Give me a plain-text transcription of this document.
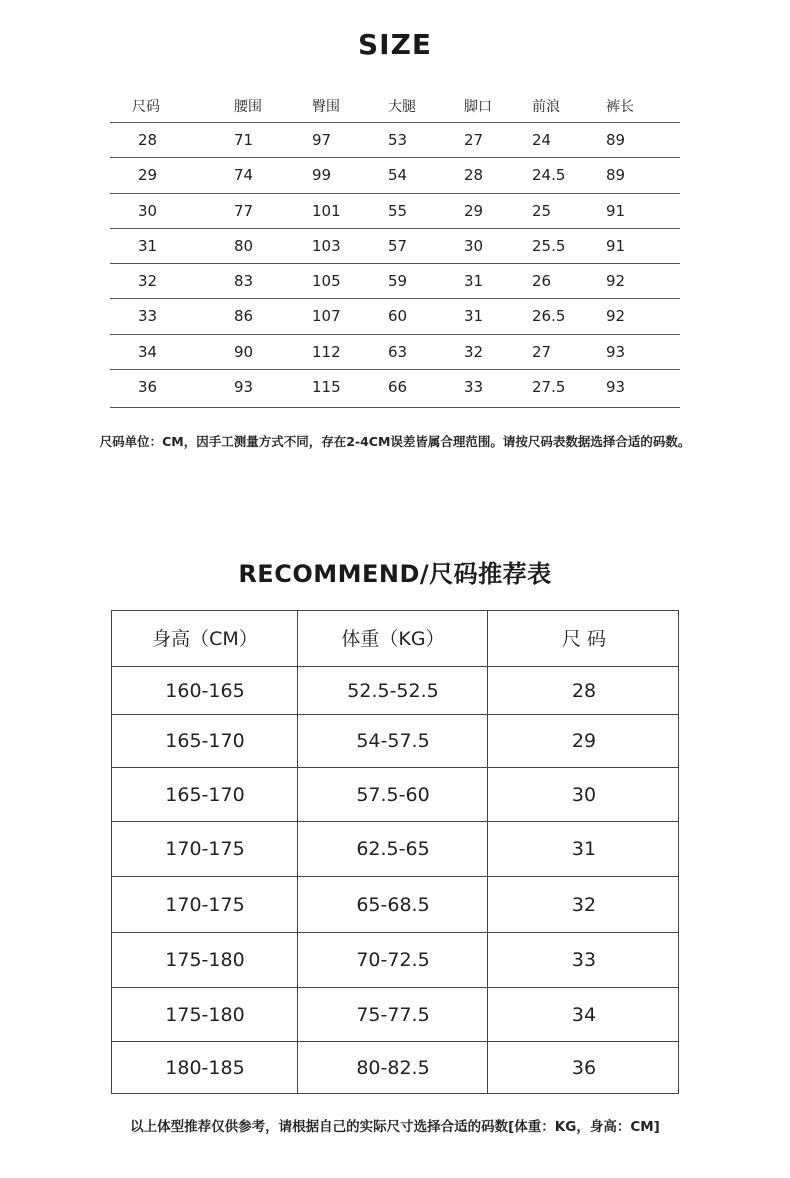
SIZE
尺码	腰围	臀围	大腿	脚口	前浪	裤长
28	71	97	53	27	24	89
29	74	99	54	28	24.5	89
30	77	101	55	29	25	91
31	80	103	57	30	25.5	91
32	83	105	59	31	26	92
33	86	107	60	31	26.5	92
34	90	112	63	32	27	93
36	93	115	66	33	27.5	93
尺码单位：CM，因手工测量方式不同，存在2-4CM误差皆属合理范围。请按尺码表数据选择合适的码数。
RECOMMEND/尺码推荐表
身高（CM）	体重（KG）	尺 码
160-165	52.5-52.5	28
165-170	54-57.5	29
165-170	57.5-60	30
170-175	62.5-65	31
170-175	65-68.5	32
175-180	70-72.5	33
175-180	75-77.5	34
180-185	80-82.5	36
以上体型推荐仅供参考，请根据自己的实际尺寸选择合适的码数[体重：KG，身高：CM]
